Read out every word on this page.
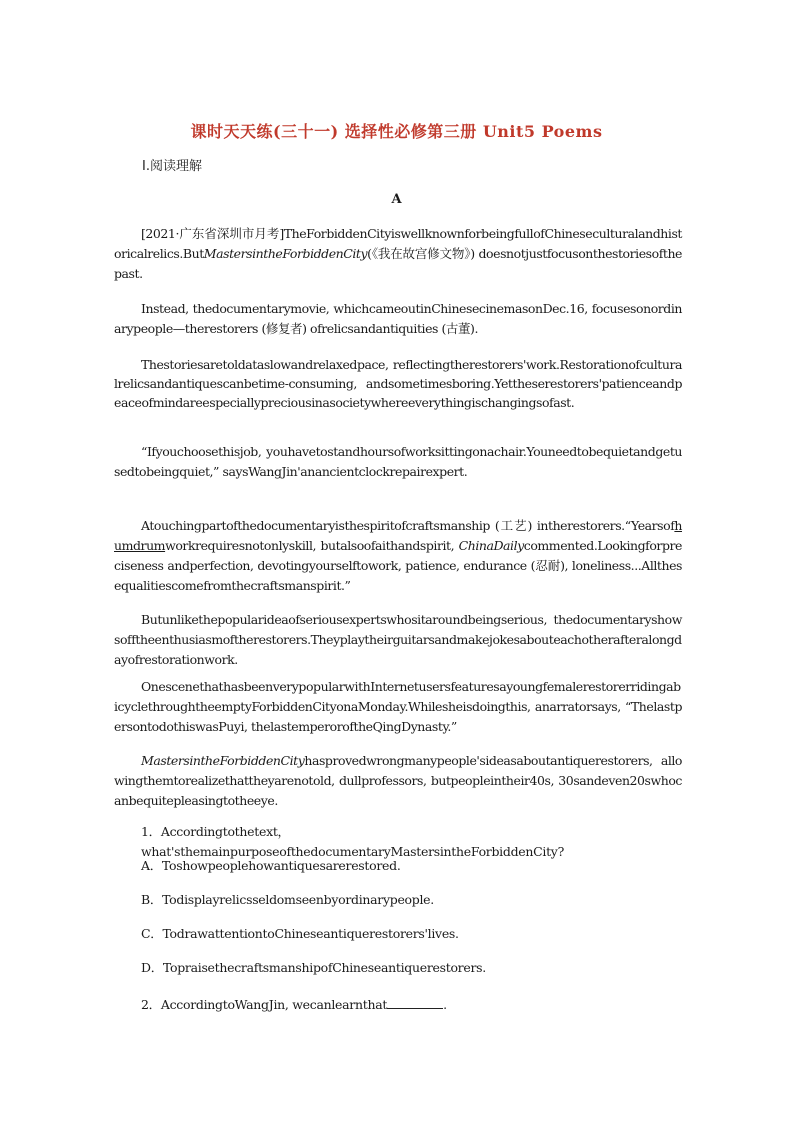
课时天天练(三十一) 选择性必修第三册 Unit5 Poems
Ⅰ.阅读理解
A
[2021·广东省深圳市月考]TheForbiddenCityiswellknownforbeingfullofChineseculturalandhistoricalrelics.ButMastersintheForbiddenCity(《我在故宫修文物》) doesnotjustfocusonthestoriesofthepast.
Instead, thedocumentarymovie, whichcameoutinChinesecinemasonDec.16, focusesonordinarypeople—therestorers (修复者) ofrelicsandantiquities (古董).
Thestoriesaretoldataslowandrelaxedpace, reflectingtherestorers'work.Restorationofculturalrelicsandantiquescanbetime-consuming, andsometimesboring.Yettheserestorers'patienceandpeaceofmindareespeciallypreciousinasocietywhereeverythingischangingsofast.
“Ifyouchoosethisjob, youhavetostandhoursofworksittingonachair.Youneedtobequietandgetusedtobeingquiet,” saysWangJin'anancientclockrepairexpert.
Atouchingpartofthedocumentaryisthespiritofcraftsmanship (工艺) intherestorers.“Yearsofhumdrumworkrequiresnotonlyskill, butalsoofaithandspirit, ChinaDailycommented.Lookingforpreciseness andperfection, devotingyourselftowork, patience, endurance (忍耐), loneliness...Allthesequalitiescomefromthecraftsmanspirit.”
Butunlikethepopularideaofseriousexpertswhositaroundbeingserious, thedocumentaryshowsofftheenthusiasmoftherestorers.Theyplaytheirguitarsandmakejokesabouteachotherafteralongdayofrestorationwork.
OnescenethathasbeenverypopularwithInternetusersfeaturesayoungfemalerestorerridingabicyclethroughtheemptyForbiddenCityonaMonday.Whilesheisdoingthis, anarratorsays, “ThelastpersontodothiswasPuyi, thelastemperoroftheQingDynasty.”
MastersintheForbiddenCityhasprovedwrongmanypeople'sideasaboutantiquerestorers, allowingthemtorealizethattheyarenotold, dullprofessors, butpeopleintheir40s, 30sandeven20swhocanbequitepleasingtotheeye.
1．Accordingtothetext，what'sthemainpurposeofthedocumentaryMastersintheForbiddenCity?
A．Toshowpeoplehowantiquesarerestored.
B．Todisplayrelicsseldomseenbyordinarypeople.
C．TodrawattentiontoChineseantiquerestorers'lives.
D．TopraisethecraftsmanshipofChineseantiquerestorers.
2．AccordingtoWangJin, wecanlearnthat	.
